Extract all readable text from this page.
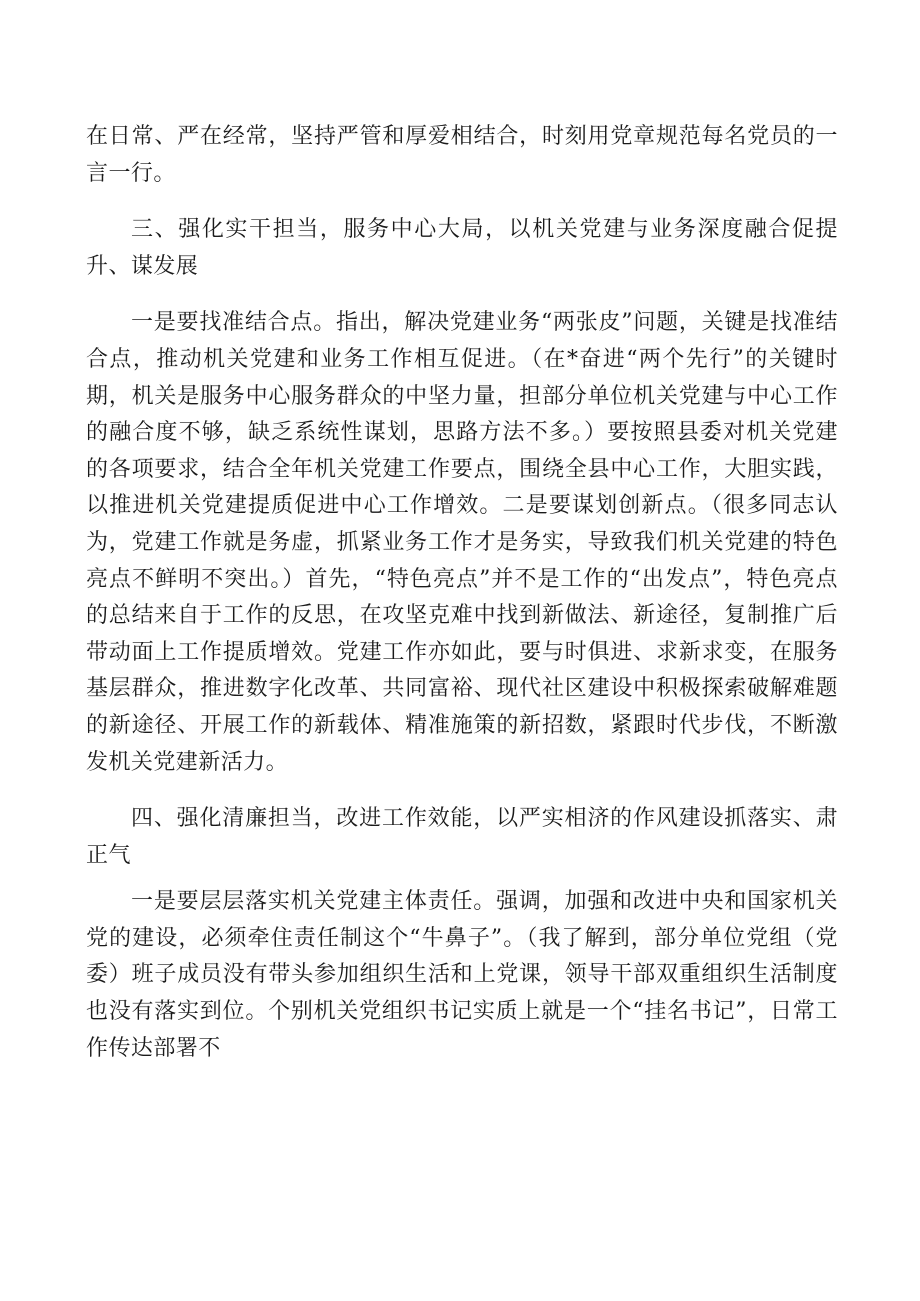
在日常、严在经常，坚持严管和厚爱相结合，时刻用党章规范每名党员的一言一行。

三、强化实干担当，服务中心大局，以机关党建与业务深度融合促提升、谋发展

一是要找准结合点。指出，解决党建业务“两张皮”问题，关键是找准结合点，推动机关党建和业务工作相互促进。（在*奋进“两个先行”的关键时期，机关是服务中心服务群众的中坚力量，担部分单位机关党建与中心工作的融合度不够，缺乏系统性谋划，思路方法不多。）要按照县委对机关党建的各项要求，结合全年机关党建工作要点，围绕全县中心工作，大胆实践，以推进机关党建提质促进中心工作增效。二是要谋划创新点。（很多同志认为，党建工作就是务虚，抓紧业务工作才是务实，导致我们机关党建的特色亮点不鲜明不突出。）首先，“特色亮点”并不是工作的“出发点”，特色亮点的总结来自于工作的反思，在攻坚克难中找到新做法、新途径，复制推广后带动面上工作提质增效。党建工作亦如此，要与时俱进、求新求变，在服务基层群众，推进数字化改革、共同富裕、现代社区建设中积极探索破解难题的新途径、开展工作的新载体、精准施策的新招数，紧跟时代步伐，不断激发机关党建新活力。

四、强化清廉担当，改进工作效能，以严实相济的作风建设抓落实、肃正气

一是要层层落实机关党建主体责任。强调，加强和改进中央和国家机关党的建设，必须牵住责任制这个“牛鼻子”。（我了解到，部分单位党组（党委）班子成员没有带头参加组织生活和上党课，领导干部双重组织生活制度也没有落实到位。个别机关党组织书记实质上就是一个“挂名书记”，日常工作传达部署不
